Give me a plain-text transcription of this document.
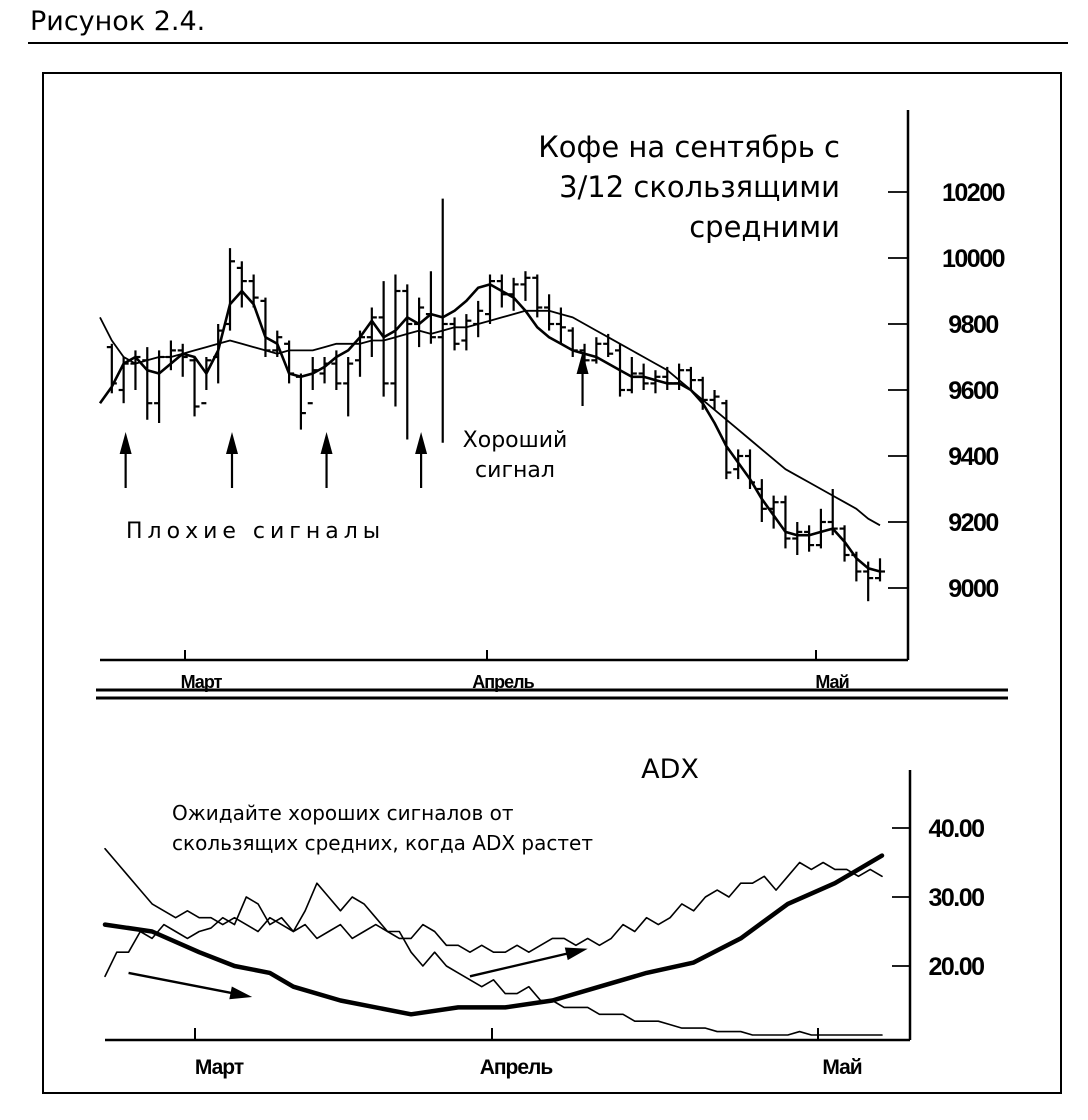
Рисунок 2.4.
10200
10000
9800
9600
9400
9200
9000
Март	Апрель	Май
Кофе на сентябрь с
3/12 скользящими
средними
Плохие сигналы
Хороший
сигнал
40.00
30.00
20.00
Март	Апрель	Май
ADX
Ожидайте хороших сигналов от
скользящих средних, когда ADX растет
